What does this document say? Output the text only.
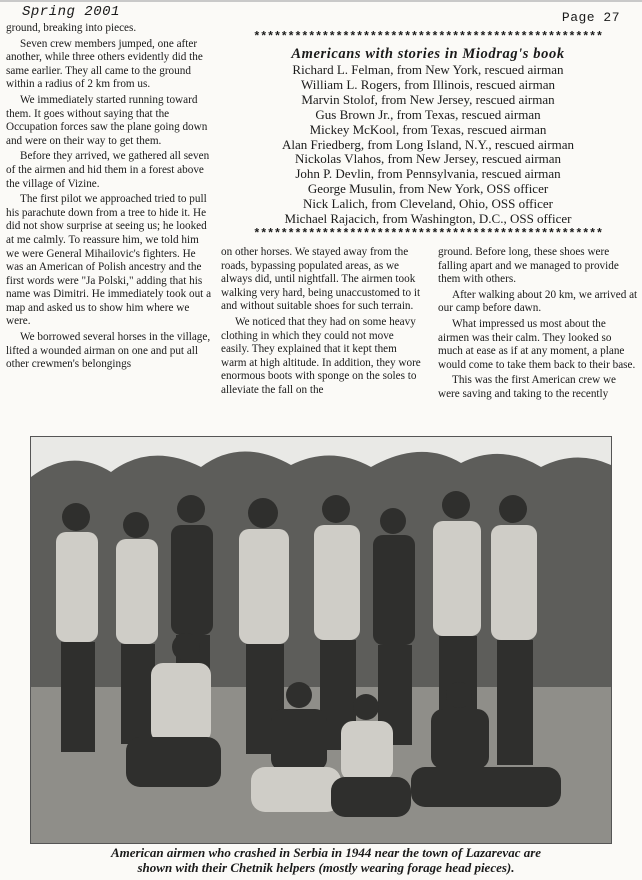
Spring 2001	Page 27

ground, breaking into pieces.

Seven crew members jumped, one after another, while three others evidently did the same earlier. They all came to the ground within a radius of 2 km from us.

We immediately started running toward them. It goes without saying that the Occupation forces saw the plane going down and were on their way to get them.

Before they arrived, we gathered all seven of the airmen and hid them in a forest above the village of Vizine.

The first pilot we approached tried to pull his parachute down from a tree to hide it. He did not show surprise at seeing us; he looked at me calmly. To reassure him, we told him we were General Mihailovic's fighters. He was an American of Polish ancestry and the first words were "Ja Polski," adding that his name was Dimitri. He immediately took out a map and asked us to show him where we were.

We borrowed several horses in the village, lifted a wounded airman on one and put all other crewmen's belongings

***************************************************
Americans with stories in Miodrag's book
Richard L. Felman, from New York, rescued airman
William L. Rogers, from Illinois, rescued airman
Marvin Stolof, from New Jersey, rescued airman
Gus Brown Jr., from Texas, rescued airman
Mickey McKool, from Texas, rescued airman
Alan Friedberg, from Long Island, N.Y., rescued airman
Nickolas Vlahos, from New Jersey, rescued airman
John P. Devlin, from Pennsylvania, rescued airman
George Musulin, from New York, OSS officer
Nick Lalich, from Cleveland, Ohio, OSS officer
Michael Rajacich, from Washington, D.C., OSS officer
***************************************************

on other horses. We stayed away from the roads, bypassing populated areas, as we always did, until nightfall. The airmen took walking very hard, being unaccustomed to it and without suitable shoes for such terrain.

We noticed that they had on some heavy clothing in which they could not move easily. They explained that it kept them warm at high altitude. In addition, they wore enormous boots with sponge on the soles to alleviate the fall on the

ground. Before long, these shoes were falling apart and we managed to provide them with others.

After walking about 20 km, we arrived at our camp before dawn.

What impressed us most about the airmen was their calm. They looked so much at ease as if at any moment, a plane would come to take them back to their base.

This was the first American crew we were saving and taking to the recently

American airmen who crashed in Serbia in 1944 near the town of Lazarevac are
shown with their Chetnik helpers (mostly wearing forage head pieces).
